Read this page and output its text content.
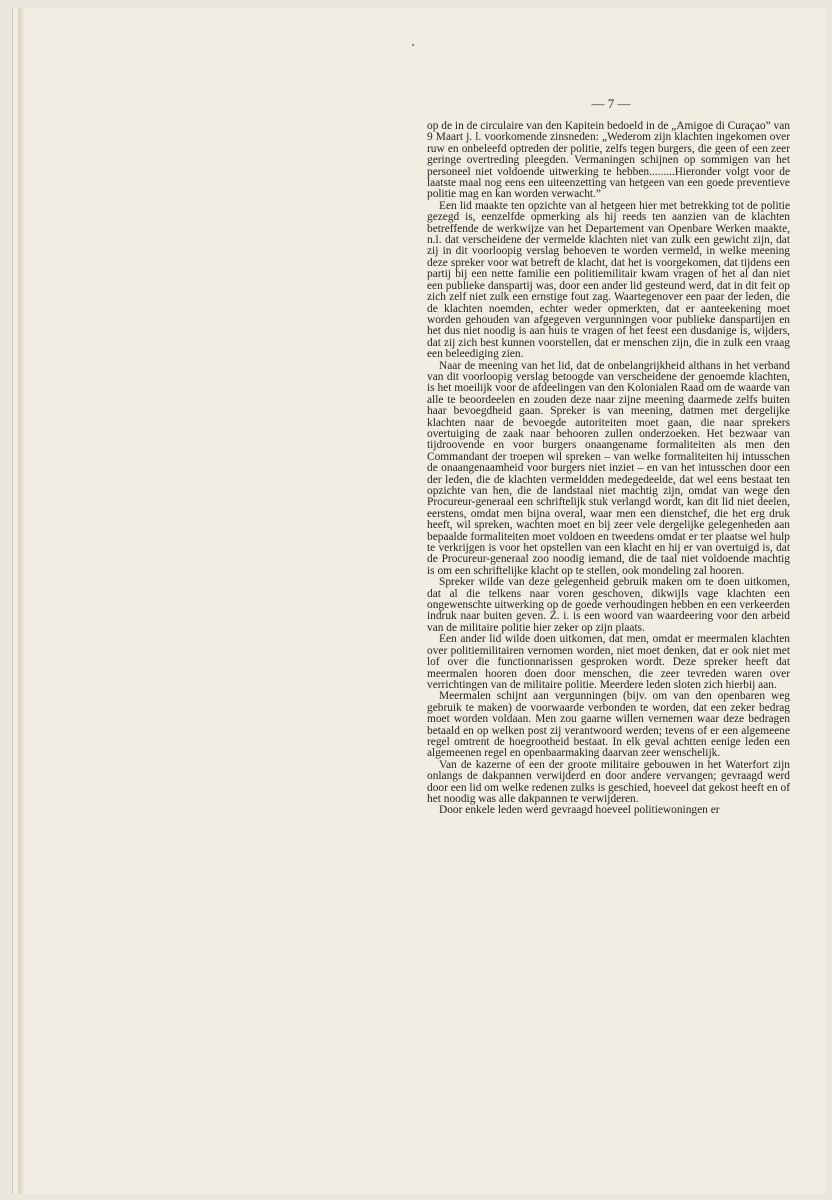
— 7 —

op de in de circulaire van den Kapitein bedoeld in de „Amigoe di Curaçao” van 9 Maart j. l. voorkomende zinsneden: „Wederom zijn klachten ingekomen over ruw en onbeleefd optreden der politie, zelfs tegen burgers, die geen of een zeer geringe overtreding pleegden. Vermaningen schijnen op sommigen van het personeel niet voldoende uitwerking te hebben.........Hieronder volgt voor de laatste maal nog eens een uiteenzetting van hetgeen van een goede preventieve politie mag en kan worden verwacht.”

Een lid maakte ten opzichte van al hetgeen hier met betrekking tot de politie gezegd is, eenzelfde opmerking als hij reeds ten aanzien van de klachten betreffende de werkwijze van het Departement van Openbare Werken maakte, n.l. dat verscheidene der vermelde klachten niet van zulk een gewicht zijn, dat zij in dit voorloopig verslag behoeven te worden vermeld, in welke meening deze spreker voor wat betreft de klacht, dat het is voorgekomen, dat tijdens een partij bij een nette familie een politiemilitair kwam vragen of het al dan niet een publieke danspartij was, door een ander lid gesteund werd, dat in dit feit op zich zelf niet zulk een ernstige fout zag. Waartegenover een paar der leden, die de klachten noemden, echter weder opmerkten, dat er aanteekening moet worden gehouden van afgegeven vergunningen voor publieke danspartijen en het dus niet noodig is aan huis te vragen of het feest een dusdanige is, wijders, dat zij zich best kunnen voorstellen, dat er menschen zijn, die in zulk een vraag een beleediging zien.

Naar de meening van het lid, dat de onbelangrijkheid althans in het verband van dit voorloopig verslag betoogde van verscheidene der genoemde klachten, is het moeilijk voor de afdeelingen van den Kolonialen Raad om de waarde van alle te beoordeelen en zouden deze naar zijne meening daarmede zelfs buiten haar bevoegdheid gaan. Spreker is van meening, datmen met dergelijke klachten naar de bevoegde autoriteiten moet gaan, die naar sprekers overtuiging de zaak naar behooren zullen onderzoeken. Het bezwaar van tijdroovende en voor burgers onaangename formaliteiten als men den Commandant der troepen wil spreken – van welke formaliteiten hij intusschen de onaangenaamheid voor burgers niet inziet – en van het intusschen door een der leden, die de klachten vermeldden medegedeelde, dat wel eens bestaat ten opzichte van hen, die de landstaal niet machtig zijn, omdat van wege den Procureur-generaal een schriftelijk stuk verlangd wordt, kan dit lid niet deelen, eerstens, omdat men bijna overal, waar men een dienstchef, die het erg druk heeft, wil spreken, wachten moet en bij zeer vele dergelijke gelegenheden aan bepaalde formaliteiten moet voldoen en tweedens omdat er ter plaatse wel hulp te verkrijgen is voor het opstellen van een klacht en hij er van overtuigd is, dat de Procureur-generaal zoo noodig iemand, die de taal niet voldoende machtig is om een schriftelijke klacht op te stellen, ook mondeling zal hooren.

Spreker wilde van deze gelegenheid gebruik maken om te doen uitkomen, dat al die telkens naar voren geschoven, dikwijls vage klachten een ongewenschte uitwerking op de goede verhoudingen hebben en een verkeerden indruk naar buiten geven. Z. i. is een woord van waardeering voor den arbeid van de militaire politie hier zeker op zijn plaats.

Een ander lid wilde doen uitkomen, dat men, omdat er meermalen klachten over politiemilitairen vernomen worden, niet moet denken, dat er ook niet met lof over die functionnarissen gesproken wordt. Deze spreker heeft dat meermalen hooren doen door menschen, die zeer tevreden waren over verrichtingen van de militaire politie. Meerdere leden sloten zich hierbij aan.

Meermalen schijnt aan vergunningen (bijv. om van den openbaren weg gebruik te maken) de voorwaarde verbonden te worden, dat een zeker bedrag moet worden voldaan. Men zou gaarne willen vernemen waar deze bedragen betaald en op welken post zij verantwoord werden; tevens of er een algemeene regel omtrent de hoegrootheid bestaat. In elk geval achtten eenige leden een algemeenen regel en openbaarmaking daarvan zeer wenschelijk.

Van de kazerne of een der groote militaire gebouwen in het Waterfort zijn onlangs de dakpannen verwijderd en door andere vervangen; gevraagd werd door een lid om welke redenen zulks is geschied, hoeveel dat gekost heeft en of het noodig was alle dakpannen te verwijderen.

Door enkele leden werd gevraagd hoeveel politiewoningen er
